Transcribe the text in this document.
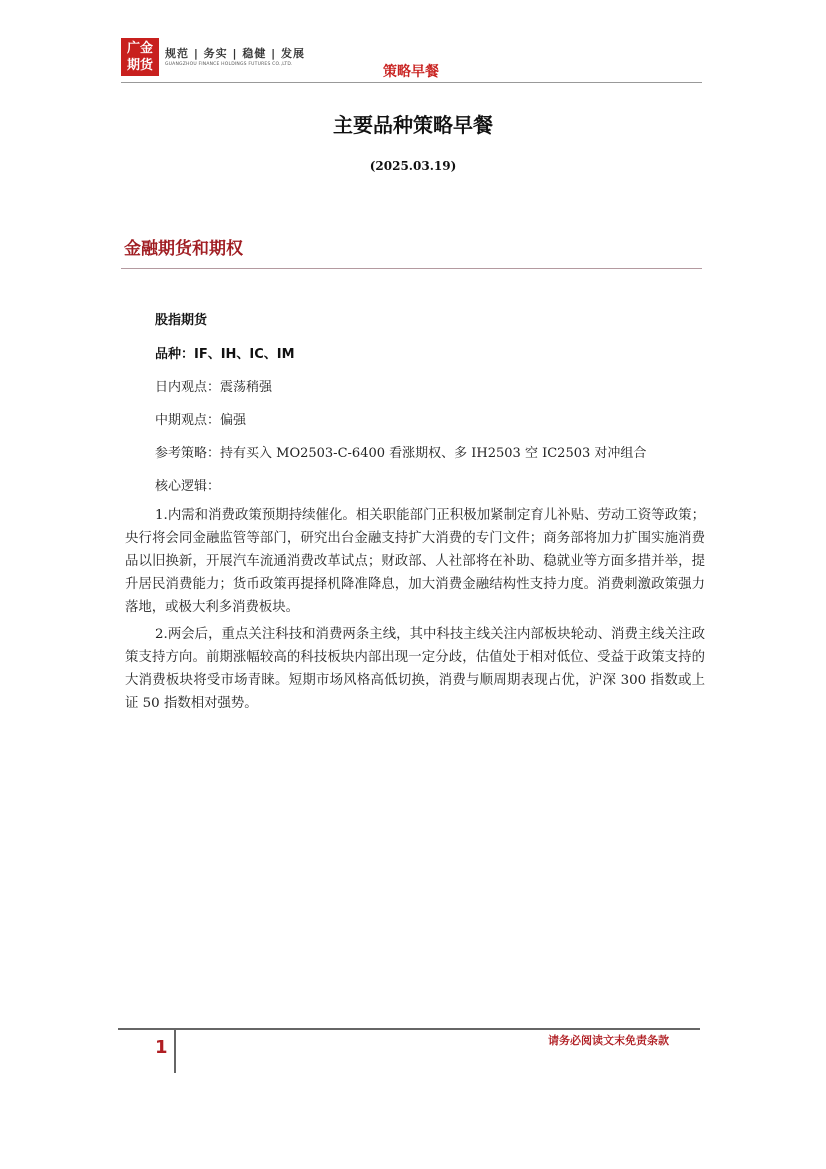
广金
期货
规范 | 务实 | 稳健 | 发展
GUANGZHOU FINANCE HOLDINGS FUTURES CO.,LTD.	策略早餐
主要品种策略早餐
(2025.03.19)
金融期货和期权
股指期货
品种：IF、IH、IC、IM
日内观点：震荡稍强
中期观点：偏强
参考策略：持有买入 MO2503-C-6400 看涨期权、多 IH2503 空 IC2503 对冲组合
核心逻辑：
1.内需和消费政策预期持续催化。相关职能部门正积极加紧制定育儿补贴、劳动工资等政策；央行将会同金融监管等部门，研究出台金融支持扩大消费的专门文件；商务部将加力扩围实施消费品以旧换新，开展汽车流通消费改革试点；财政部、人社部将在补助、稳就业等方面多措并举，提升居民消费能力；货币政策再提择机降准降息，加大消费金融结构性支持力度。消费刺激政策强力落地，或极大利多消费板块。
2.两会后，重点关注科技和消费两条主线，其中科技主线关注内部板块轮动、消费主线关注政策支持方向。前期涨幅较高的科技板块内部出现一定分歧，估值处于相对低位、受益于政策支持的大消费板块将受市场青睐。短期市场风格高低切换，消费与顺周期表现占优，沪深 300 指数或上证 50 指数相对强势。
1	请务必阅读文末免责条款
